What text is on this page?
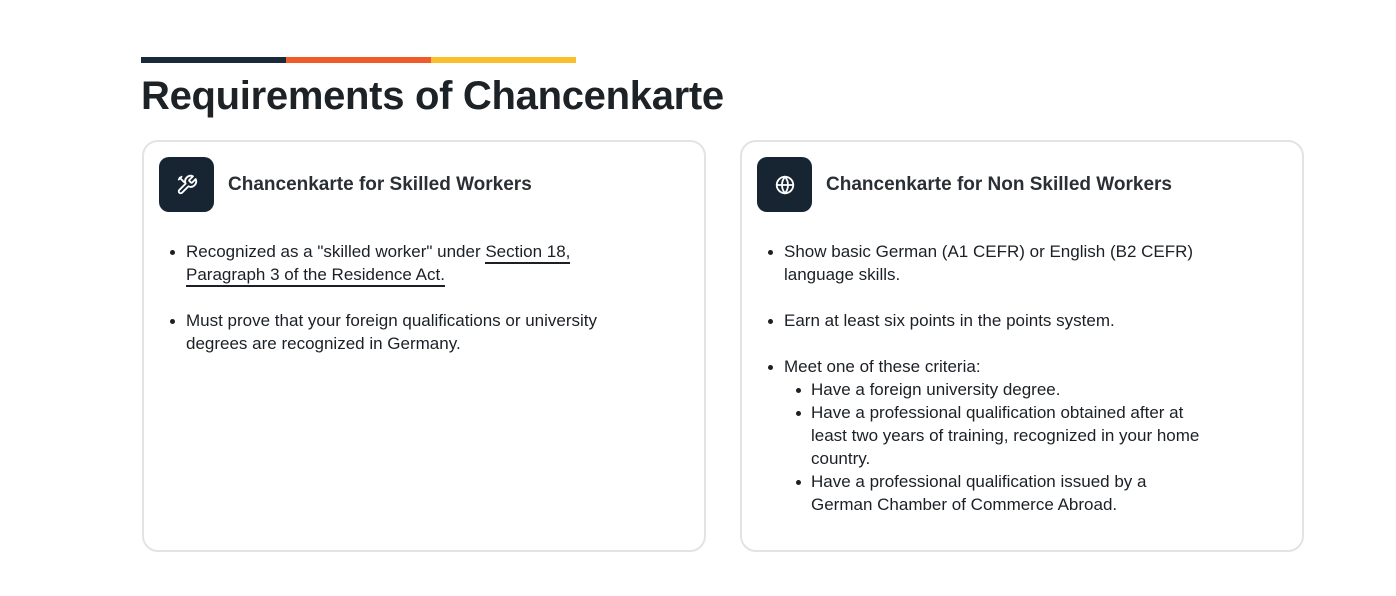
Requirements of Chancenkarte
Chancenkarte for Skilled Workers
Recognized as a "skilled worker" under Section 18, Paragraph 3 of the Residence Act.
Must prove that your foreign qualifications or university degrees are recognized in Germany.
Chancenkarte for Non Skilled Workers
Show basic German (A1 CEFR) or English (B2 CEFR) language skills.
Earn at least six points in the points system.
Meet one of these criteria:
Have a foreign university degree.
Have a professional qualification obtained after at least two years of training, recognized in your home country.
Have a professional qualification issued by a German Chamber of Commerce Abroad.
